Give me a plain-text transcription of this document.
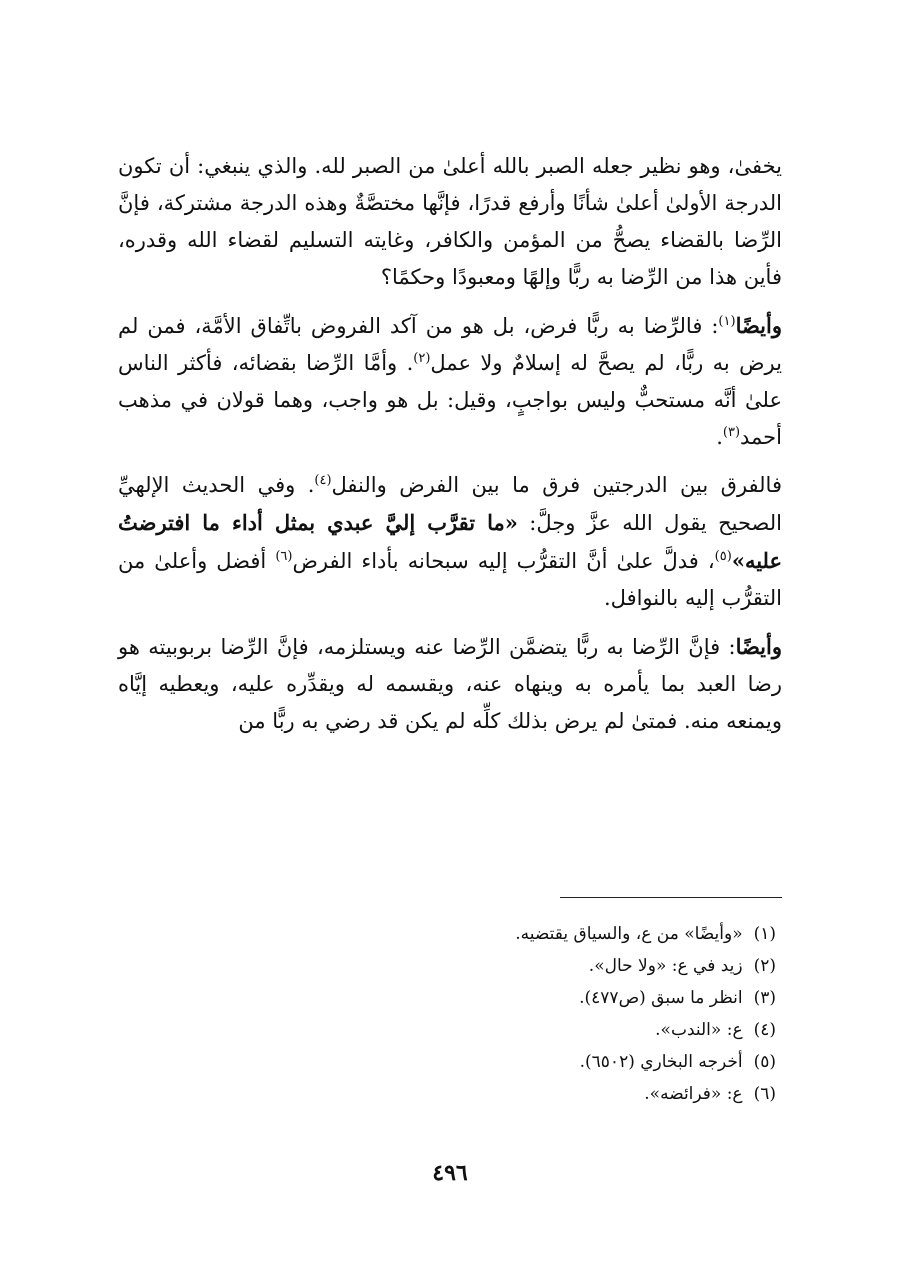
يخفىٰ، وهو نظير جعله الصبر بالله أعلىٰ من الصبر لله. والذي ينبغي: أن تكون الدرجة الأولىٰ أعلىٰ شأنًا وأرفع قدرًا، فإنَّها مختصَّةٌ وهذه الدرجة مشتركة، فإنَّ الرِّضا بالقضاء يصحُّ من المؤمن والكافر، وغايته التسليم لقضاء الله وقدره، فأين هذا من الرِّضا به ربًّا وإلهًا ومعبودًا وحكمًا؟

وأيضًا$^{(١)}$: فالرِّضا به ربًّا فرض، بل هو من آكد الفروض باتِّفاق الأمَّة، فمن لم يرض به ربًّا، لم يصحَّ له إسلامٌ ولا عمل$^{(٢)}$. وأمَّا الرِّضا بقضائه، فأكثر الناس علىٰ أنَّه مستحبٌّ وليس بواجبٍ، وقيل: بل هو واجب، وهما قولان في مذهب أحمد$^{(٣)}$.

فالفرق بين الدرجتين فرق ما بين الفرض والنفل$^{(٤)}$. وفي الحديث الإلهيِّ الصحيح يقول الله عزَّ وجلَّ: «ما تقرَّب إليَّ عبدي بمثل أداء ما افترضتُ عليه»$^{(٥)}$، فدلَّ علىٰ أنَّ التقرُّب إليه سبحانه بأداء الفرض$^{(٦)}$ أفضل وأعلىٰ من التقرُّب إليه بالنوافل.

وأيضًا: فإنَّ الرِّضا به ربًّا يتضمَّن الرِّضا عنه ويستلزمه، فإنَّ الرِّضا بربوبيته هو رضا العبد بما يأمره به وينهاه عنه، ويقسمه له ويقدِّره عليه، ويعطيه إيَّاه ويمنعه منه. فمتىٰ لم يرض بذلك كلِّه لم يكن قد رضي به ربًّا من

(١) «وأيضًا» من ع، والسياق يقتضيه.
(٢) زيد في ع: «ولا حال».
(٣) انظر ما سبق (ص٤٧٧).
(٤) ع: «الندب».
(٥) أخرجه البخاري (٦٥٠٢).
(٦) ع: «فرائضه».
٤٩٦
